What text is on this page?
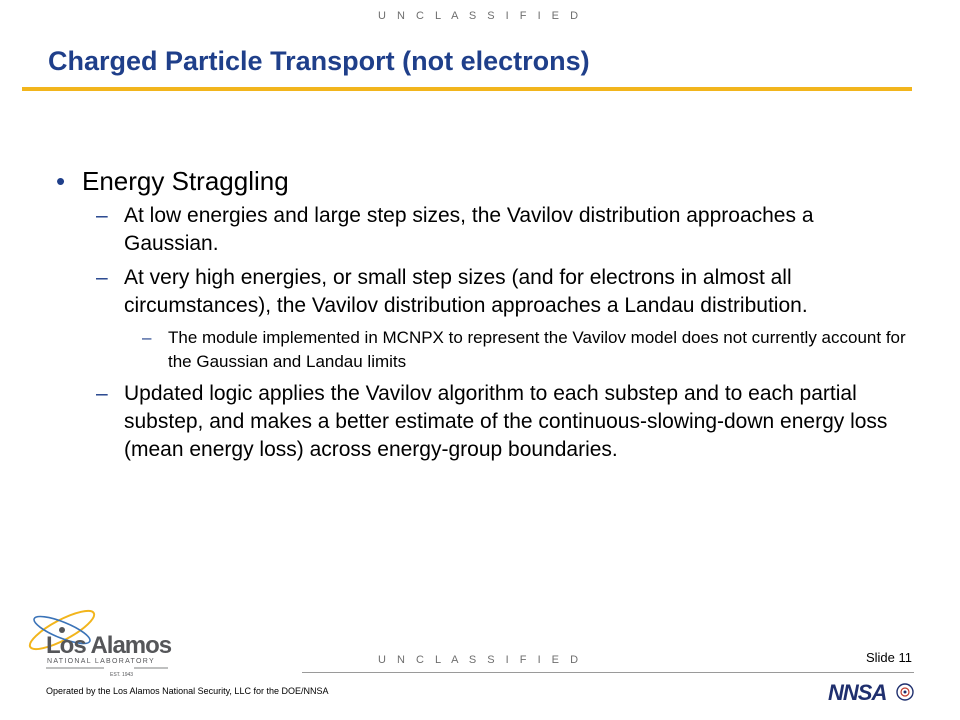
U N C L A S S I F I E D
Charged Particle Transport (not electrons)
• Energy Straggling
– At low energies and large step sizes, the Vavilov distribution approaches a Gaussian.
– At very high energies, or small step sizes (and for electrons in almost all circumstances), the Vavilov distribution approaches a Landau distribution.
– The module implemented in MCNPX to represent the Vavilov model does not currently account for the Gaussian and Landau limits
– Updated logic applies the Vavilov algorithm to each substep and to each partial substep, and makes a better estimate of the continuous-slowing-down energy loss (mean energy loss) across energy-group boundaries.
Los Alamos
NATIONAL LABORATORY
EST. 1943
U N C L A S S I F I E D	Slide 11
Operated by the Los Alamos National Security, LLC for the DOE/NNSA	NNSA
